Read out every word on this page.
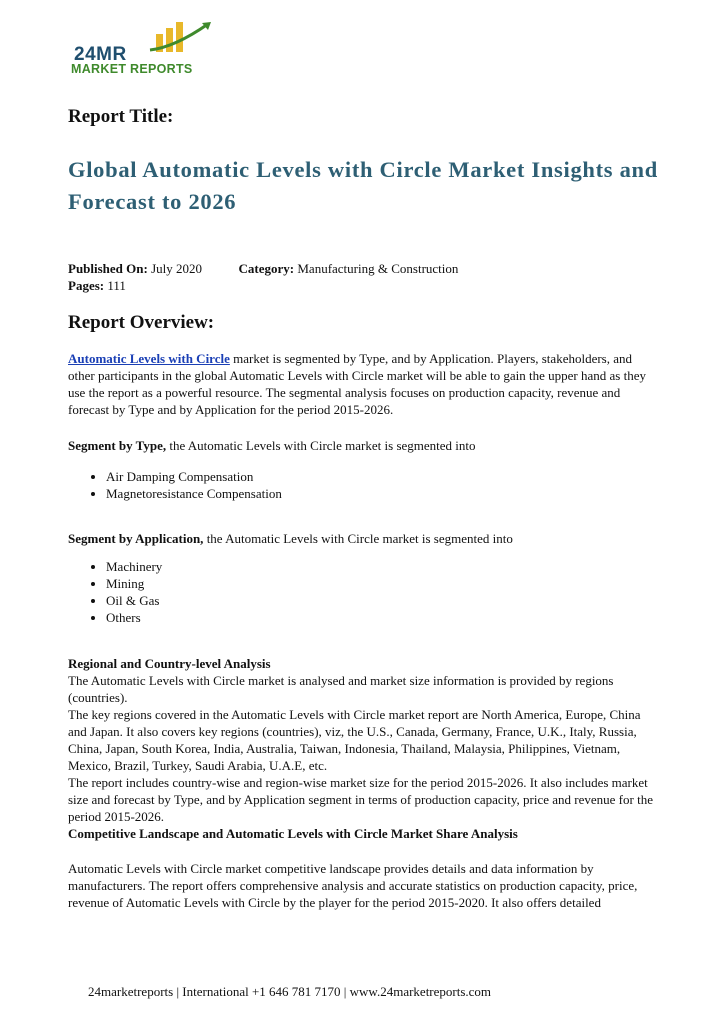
24MR
MARKET REPORTS
Report Title:
Global Automatic Levels with Circle Market Insights and Forecast to 2026
Published On: July 2020	Category: Manufacturing & Construction
Pages: 111
Report Overview:

Automatic Levels with Circle market is segmented by Type, and by Application. Players, stakeholders, and other participants in the global Automatic Levels with Circle market will be able to gain the upper hand as they use the report as a powerful resource. The segmental analysis focuses on production capacity, revenue and forecast by Type and by Application for the period 2015-2026.

Segment by Type, the Automatic Levels with Circle market is segmented into

• Air Damping Compensation
• Magnetoresistance Compensation

Segment by Application, the Automatic Levels with Circle market is segmented into

• Machinery
• Mining
• Oil & Gas
• Others
Regional and Country-level Analysis
The Automatic Levels with Circle market is analysed and market size information is provided by regions (countries).
The key regions covered in the Automatic Levels with Circle market report are North America, Europe, China and Japan. It also covers key regions (countries), viz, the U.S., Canada, Germany, France, U.K., Italy, Russia, China, Japan, South Korea, India, Australia, Taiwan, Indonesia, Thailand, Malaysia, Philippines, Vietnam, Mexico, Brazil, Turkey, Saudi Arabia, U.A.E, etc.
The report includes country-wise and region-wise market size for the period 2015-2026. It also includes market size and forecast by Type, and by Application segment in terms of production capacity, price and revenue for the period 2015-2026.
Competitive Landscape and Automatic Levels with Circle Market Share Analysis

Automatic Levels with Circle market competitive landscape provides details and data information by manufacturers. The report offers comprehensive analysis and accurate statistics on production capacity, price, revenue of Automatic Levels with Circle by the player for the period 2015-2020. It also offers detailed

24marketreports | International +1 646 781 7170 | www.24marketreports.com
